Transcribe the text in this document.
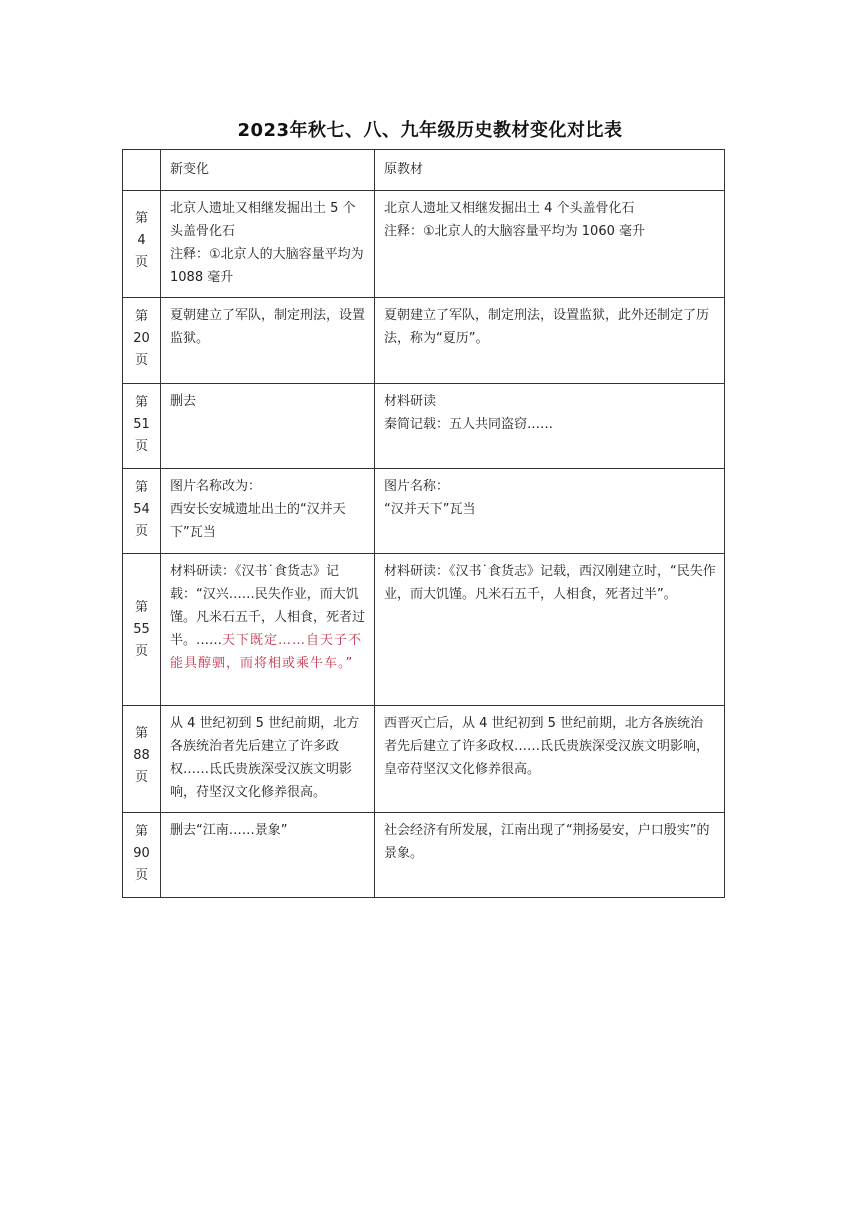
2023年秋七、八、九年级历史教材变化对比表
	新变化	原教材

第
4
页	北京人遗址又相继发掘出土 5 个头盖骨化石
注释：①北京人的大脑容量平均为 1088 毫升	北京人遗址又相继发掘出土 4 个头盖骨化石
注释：①北京人的大脑容量平均为 1060 毫升

第
20
页	夏朝建立了军队，制定刑法，设置监狱。	夏朝建立了军队，制定刑法，设置监狱，此外还制定了历法，称为“夏历”。

第
51
页	删去	材料研读
秦简记载：五人共同盗窃……

第
54
页	图片名称改为：
西安长安城遗址出土的“汉并天下”瓦当	图片名称：
“汉并天下”瓦当

第
55
页	材料研读：《汉书˙食货志》记载：“汉兴……民失作业，而大饥馑。凡米石五千，人相食，死者过半。……天下既定……自天子不能具醇驷，而将相或乘牛车。”	材料研读：《汉书˙食货志》记载，西汉刚建立时，“民失作业，而大饥馑。凡米石五千，人相食，死者过半”。

第
88
页	从 4 世纪初到 5 世纪前期，北方各族统治者先后建立了许多政权……氐氏贵族深受汉族文明影响，苻坚汉文化修养很高。	西晋灭亡后，从 4 世纪初到 5 世纪前期，北方各族统治者先后建立了许多政权……氐氏贵族深受汉族文明影响，皇帝苻坚汉文化修养很高。

第
90
页	删去“江南……景象”	社会经济有所发展，江南出现了“荆扬晏安，户口殷实”的景象。
